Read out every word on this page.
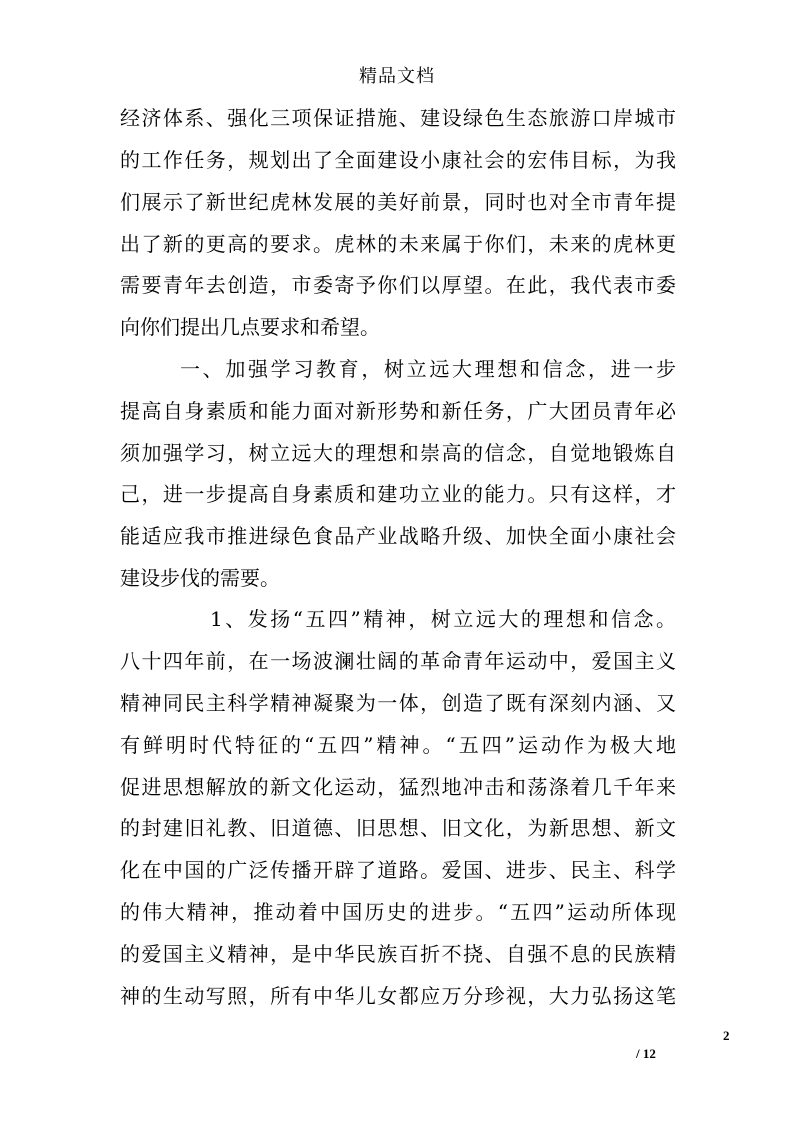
精品文档
经济体系、强化三项保证措施、建设绿色生态旅游口岸城市
的工作任务，规划出了全面建设小康社会的宏伟目标，为我
们展示了新世纪虎林发展的美好前景，同时也对全市青年提
出了新的更高的要求。虎林的未来属于你们，未来的虎林更
需要青年去创造，市委寄予你们以厚望。在此，我代表市委
向你们提出几点要求和希望。
一、加强学习教育，树立远大理想和信念，进一步
提高自身素质和能力面对新形势和新任务，广大团员青年必
须加强学习，树立远大的理想和崇高的信念，自觉地锻炼自
己，进一步提高自身素质和建功立业的能力。只有这样，才
能适应我市推进绿色食品产业战略升级、加快全面小康社会
建设步伐的需要。
1、发扬“五四”精神，树立远大的理想和信念。
八十四年前，在一场波澜壮阔的革命青年运动中，爱国主义
精神同民主科学精神凝聚为一体，创造了既有深刻内涵、又
有鲜明时代特征的“五四”精神。“五四”运动作为极大地
促进思想解放的新文化运动，猛烈地冲击和荡涤着几千年来
的封建旧礼教、旧道德、旧思想、旧文化，为新思想、新文
化在中国的广泛传播开辟了道路。爱国、进步、民主、科学
的伟大精神，推动着中国历史的进步。“五四”运动所体现
的爱国主义精神，是中华民族百折不挠、自强不息的民族精
神的生动写照，所有中华儿女都应万分珍视，大力弘扬这笔
2
/ 12
